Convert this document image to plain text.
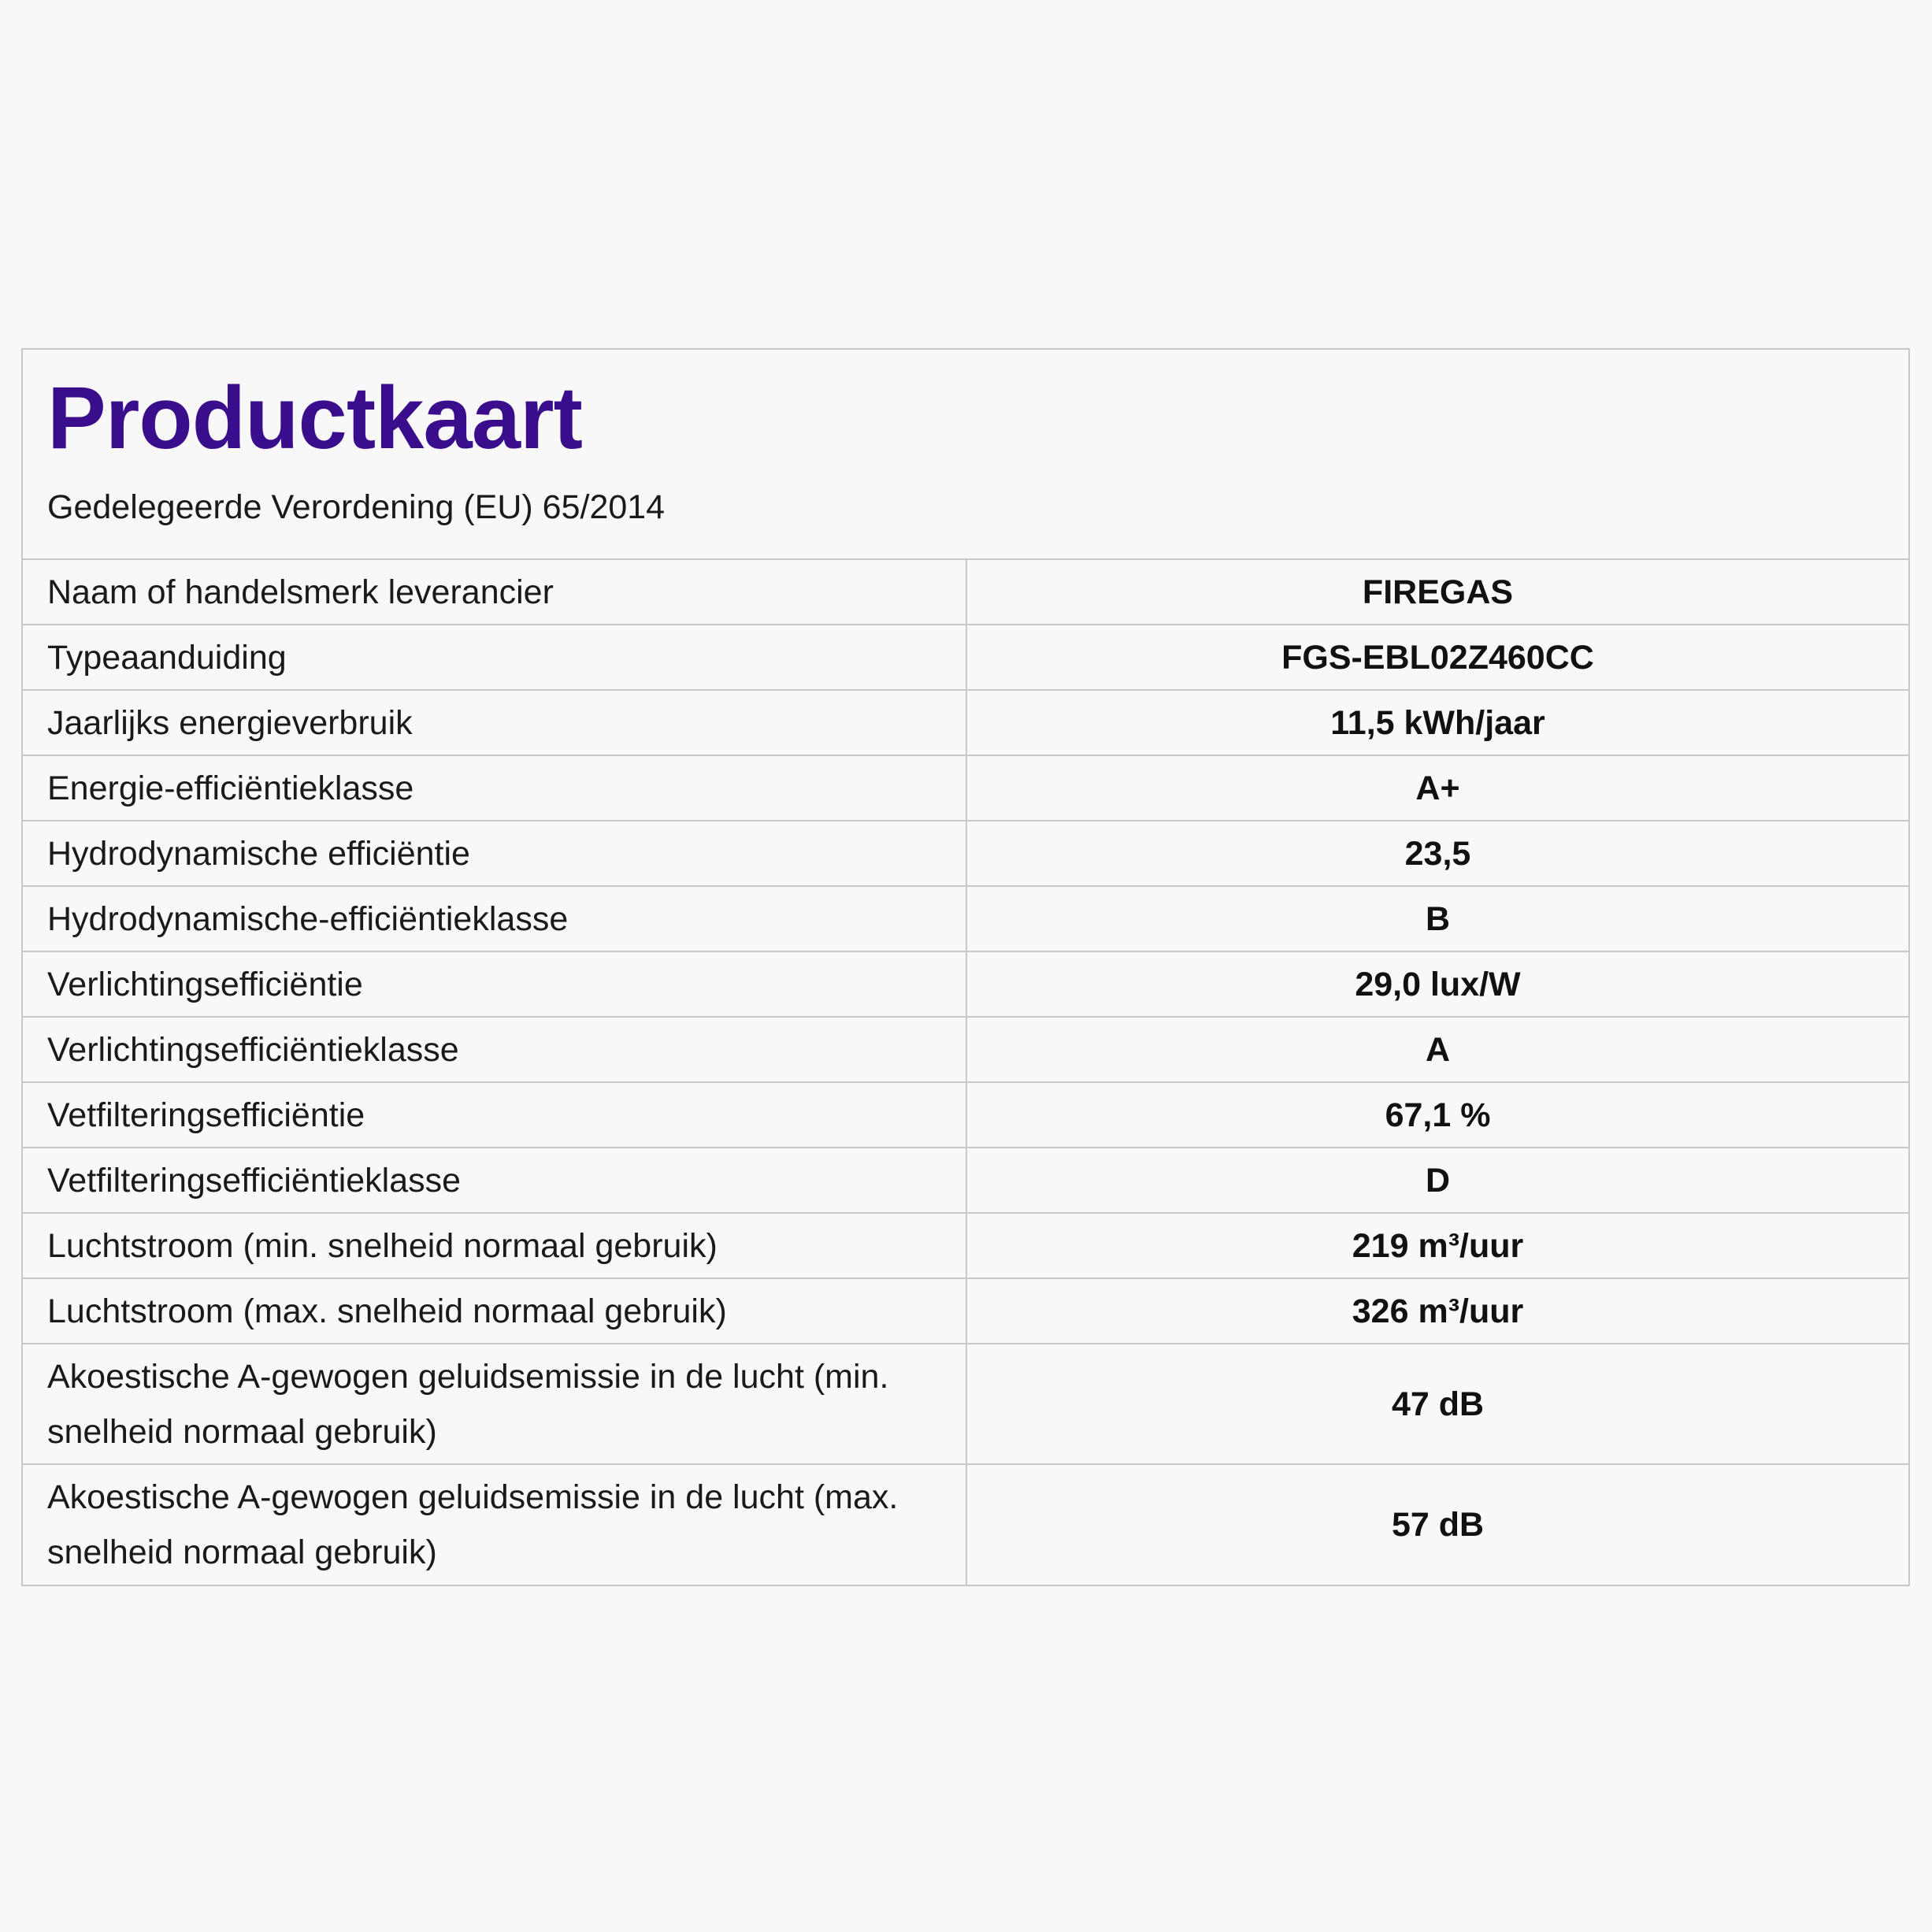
Productkaart

Gedelegeerde Verordening (EU) 65/2014

Naam of handelsmerk leverancier	FIREGAS
Typeaanduiding	FGS-EBL02Z460CC
Jaarlijks energieverbruik	11,5 kWh/jaar
Energie-efficiëntieklasse	A+
Hydrodynamische efficiëntie	23,5
Hydrodynamische-efficiëntieklasse	B
Verlichtingsefficiëntie	29,0 lux/W
Verlichtingsefficiëntieklasse	A
Vetfilteringsefficiëntie	67,1 %
Vetfilteringsefficiëntieklasse	D
Luchtstroom (min. snelheid normaal gebruik)	219 m³/uur
Luchtstroom (max. snelheid normaal gebruik)	326 m³/uur
Akoestische A-gewogen geluidsemissie in de lucht (min. snelheid normaal gebruik)	47 dB
Akoestische A-gewogen geluidsemissie in de lucht (max. snelheid normaal gebruik)	57 dB
